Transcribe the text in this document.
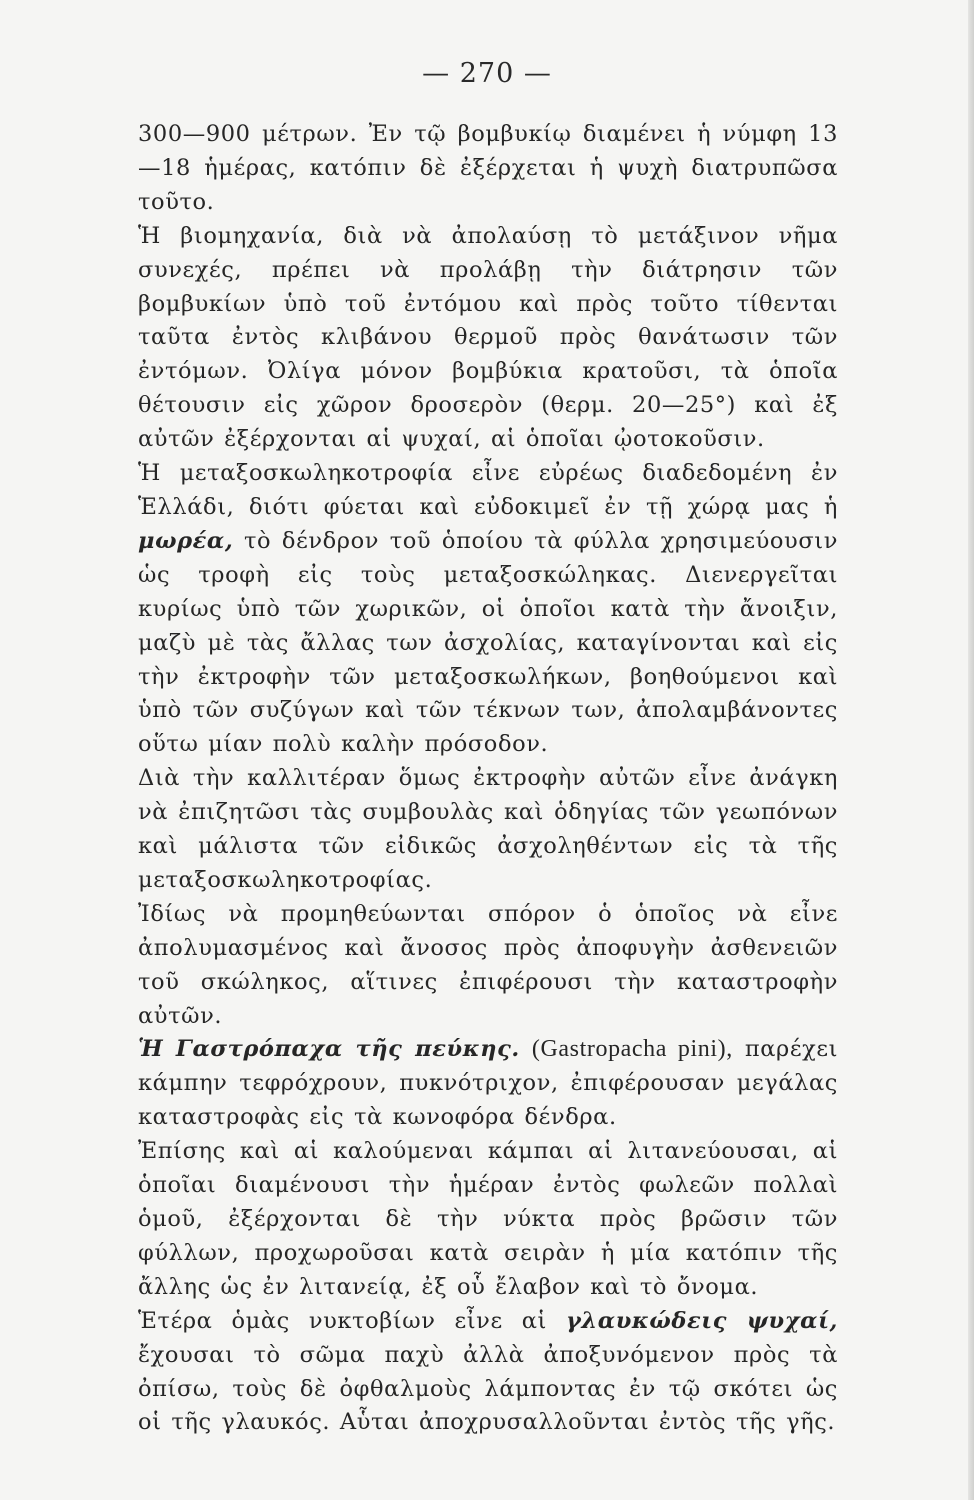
— 270 —

300—900 μέτρων. Ἐν τῷ βομβυκίῳ διαμένει ἡ νύμφη 13—18 ἡμέρας, κατόπιν δὲ ἐξέρχεται ἡ ψυχὴ διατρυπῶσα τοῦτο.

Ἡ βιομηχανία, διὰ νὰ ἀπολαύσῃ τὸ μετάξινον νῆμα συνεχές, πρέπει νὰ προλάβῃ τὴν διάτρησιν τῶν βομβυκίων ὑπὸ τοῦ ἐντόμου καὶ πρὸς τοῦτο τίθενται ταῦτα ἐντὸς κλιβάνου θερμοῦ πρὸς θανάτωσιν τῶν ἐντόμων. Ὀλίγα μόνον βομβύκια κρατοῦσι, τὰ ὁποῖα θέτουσιν εἰς χῶρον δροσερὸν (θερμ. 20—25°) καὶ ἐξ αὐτῶν ἐξέρχονται αἱ ψυχαί, αἱ ὁποῖαι ᾠοτοκοῦσιν.

Ἡ μεταξοσκωληκοτροφία εἶνε εὐρέως διαδεδομένη ἐν Ἑλλάδι, διότι φύεται καὶ εὐδοκιμεῖ ἐν τῇ χώρᾳ μας ἡ μωρέα, τὸ δένδρον τοῦ ὁποίου τὰ φύλλα χρησιμεύουσιν ὡς τροφὴ εἰς τοὺς μεταξοσκώληκας. Διενεργεῖται κυρίως ὑπὸ τῶν χωρικῶν, οἱ ὁποῖοι κατὰ τὴν ἄνοιξιν, μαζὺ μὲ τὰς ἄλλας των ἀσχολίας, καταγίνονται καὶ εἰς τὴν ἐκτροφὴν τῶν μεταξοσκωλήκων, βοηθούμενοι καὶ ὑπὸ τῶν συζύγων καὶ τῶν τέκνων των, ἀπολαμβάνοντες οὕτω μίαν πολὺ καλὴν πρόσοδον.

Διὰ τὴν καλλιτέραν ὅμως ἐκτροφὴν αὐτῶν εἶνε ἀνάγκη νὰ ἐπιζητῶσι τὰς συμβουλὰς καὶ ὁδηγίας τῶν γεωπόνων καὶ μάλιστα τῶν εἰδικῶς ἀσχοληθέντων εἰς τὰ τῆς μεταξοσκωληκοτροφίας.

Ἰδίως νὰ προμηθεύωνται σπόρον ὁ ὁποῖος νὰ εἶνε ἀπολυμασμένος καὶ ἄνοσος πρὸς ἀποφυγὴν ἀσθενειῶν τοῦ σκώληκος, αἵτινες ἐπιφέρουσι τὴν καταστροφὴν αὐτῶν.

Ἡ Γαστρόπαχα τῆς πεύκης. (Gastropacha pini), παρέχει κάμπην τεφρόχρουν, πυκνότριχον, ἐπιφέρουσαν μεγάλας καταστροφὰς εἰς τὰ κωνοφόρα δένδρα.

Ἐπίσης καὶ αἱ καλούμεναι κάμπαι αἱ λιτανεύουσαι, αἱ ὁποῖαι διαμένουσι τὴν ἡμέραν ἐντὸς φωλεῶν πολλαὶ ὁμοῦ, ἐξέρχονται δὲ τὴν νύκτα πρὸς βρῶσιν τῶν φύλλων, προχωροῦσαι κατὰ σειρὰν ἡ μία κατόπιν τῆς ἄλλης ὡς ἐν λιτανείᾳ, ἐξ οὗ ἔλαβον καὶ τὸ ὄνομα.

Ἑτέρα ὁμὰς νυκτοβίων εἶνε αἱ γλαυκώδεις ψυχαί, ἔχουσαι τὸ σῶμα παχὺ ἀλλὰ ἀποξυνόμενον πρὸς τὰ ὀπίσω, τοὺς δὲ ὀφθαλμοὺς λάμποντας ἐν τῷ σκότει ὡς οἱ τῆς γλαυκός. Αὗται ἀποχρυσαλλοῦνται ἐντὸς τῆς γῆς.
